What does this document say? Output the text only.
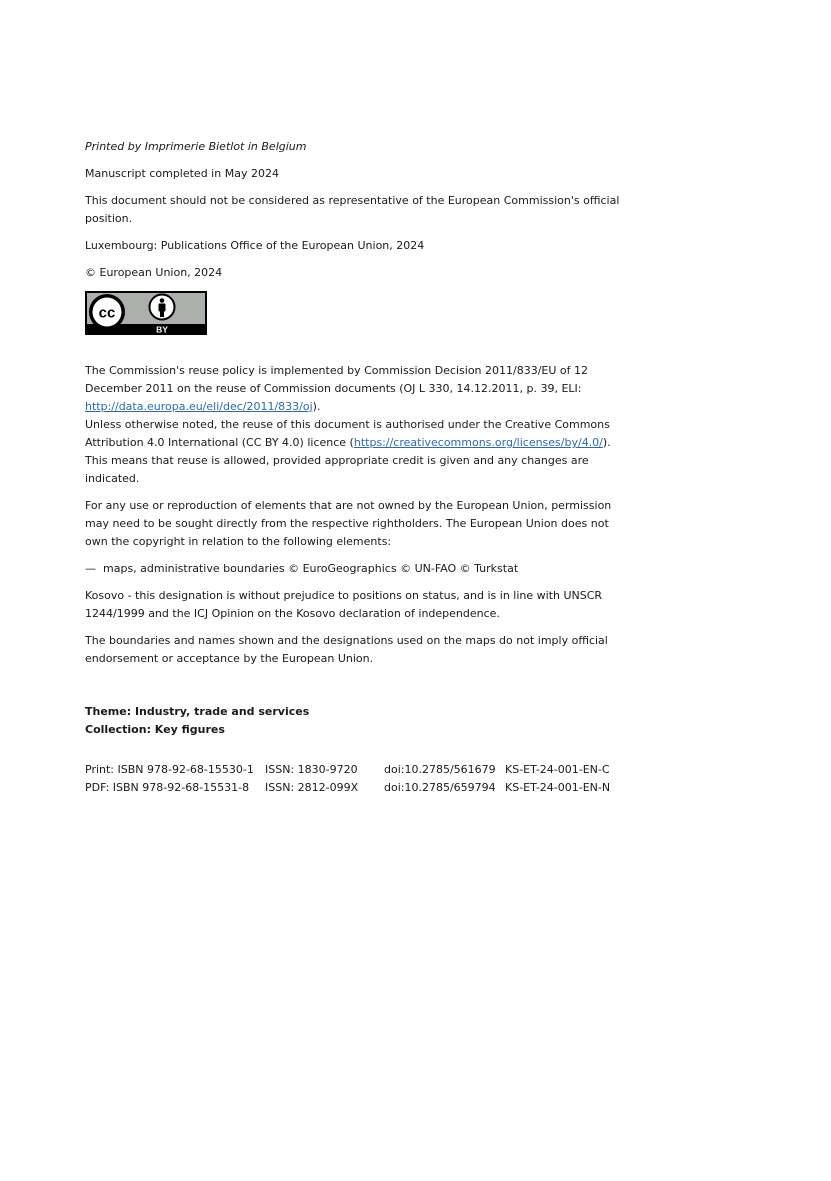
Printed by Imprimerie Bietlot in Belgium

Manuscript completed in May 2024

This document should not be considered as representative of the European Commission's official position.

Luxembourg: Publications Office of the European Union, 2024

© European Union, 2024

cc
BY

The Commission's reuse policy is implemented by Commission Decision 2011/833/EU of 12 December 2011 on the reuse of Commission documents (OJ L 330, 14.12.2011, p. 39, ELI: http://data.europa.eu/eli/dec/2011/833/oj).

Unless otherwise noted, the reuse of this document is authorised under the Creative Commons Attribution 4.0 International (CC BY 4.0) licence (https://creativecommons.org/licenses/by/4.0/). This means that reuse is allowed, provided appropriate credit is given and any changes are indicated.

For any use or reproduction of elements that are not owned by the European Union, permission may need to be sought directly from the respective rightholders. The European Union does not own the copyright in relation to the following elements:

— maps, administrative boundaries © EuroGeographics © UN-FAO © Turkstat

Kosovo - this designation is without prejudice to positions on status, and is in line with UNSCR 1244/1999 and the ICJ Opinion on the Kosovo declaration of independence.

The boundaries and names shown and the designations used on the maps do not imply official endorsement or acceptance by the European Union.

Theme: Industry, trade and services
Collection: Key figures
Print: ISBN 978-92-68-15530-1	ISSN: 1830-9720	doi:10.2785/561679 KS-ET-24-001-EN-C
PDF: ISBN 978-92-68-15531-8	ISSN: 2812-099X	doi:10.2785/659794 KS-ET-24-001-EN-N
